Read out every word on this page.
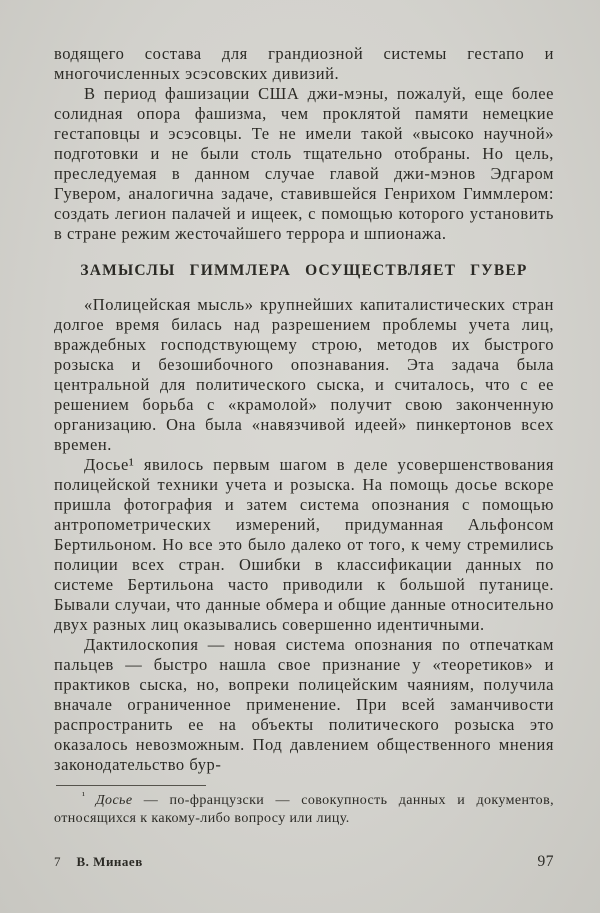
водящего состава для грандиозной системы гестапо и многочисленных эсэсовских дивизий.

В период фашизации США джи-мэны, пожалуй, еще более солидная опора фашизма, чем проклятой памяти немецкие гестаповцы и эсэсовцы. Те не имели такой «высоко научной» подготовки и не были столь тщательно отобраны. Но цель, преследуемая в данном случае главой джи-мэнов Эдгаром Гувером, аналогична задаче, ставившейся Генрихом Гиммлером: создать легион палачей и ищеек, с помощью которого установить в стране режим жесточайшего террора и шпионажа.

ЗАМЫСЛЫ ГИММЛЕРА ОСУЩЕСТВЛЯЕТ ГУВЕР

«Полицейская мысль» крупнейших капиталистических стран долгое время билась над разрешением проблемы учета лиц, враждебных господствующему строю, методов их быстрого розыска и безошибочного опознавания. Эта задача была центральной для политического сыска, и считалось, что с ее решением борьба с «крамолой» получит свою законченную организацию. Она была «навязчивой идеей» пинкертонов всех времен.

Досье¹ явилось первым шагом в деле усовершенствования полицейской техники учета и розыска. На помощь досье вскоре пришла фотография и затем система опознания с помощью антропометрических измерений, придуманная Альфонсом Бертильоном. Но все это было далеко от того, к чему стремились полиции всех стран. Ошибки в классификации данных по системе Бертильона часто приводили к большой путанице. Бывали случаи, что данные обмера и общие данные относительно двух разных лиц оказывались совершенно идентичными.

Дактилоскопия — новая система опознания по отпечаткам пальцев — быстро нашла свое признание у «теоретиков» и практиков сыска, но, вопреки полицейским чаяниям, получила вначале ограниченное применение. При всей заманчивости распространить ее на объекты политического розыска это оказалось невозможным. Под давлением общественного мнения законодательство бур-

$^{^1}$ Досье — по-французски — совокупность данных и документов, относящихся к какому-либо вопросу или лицу.

7 В. Минаев	97
